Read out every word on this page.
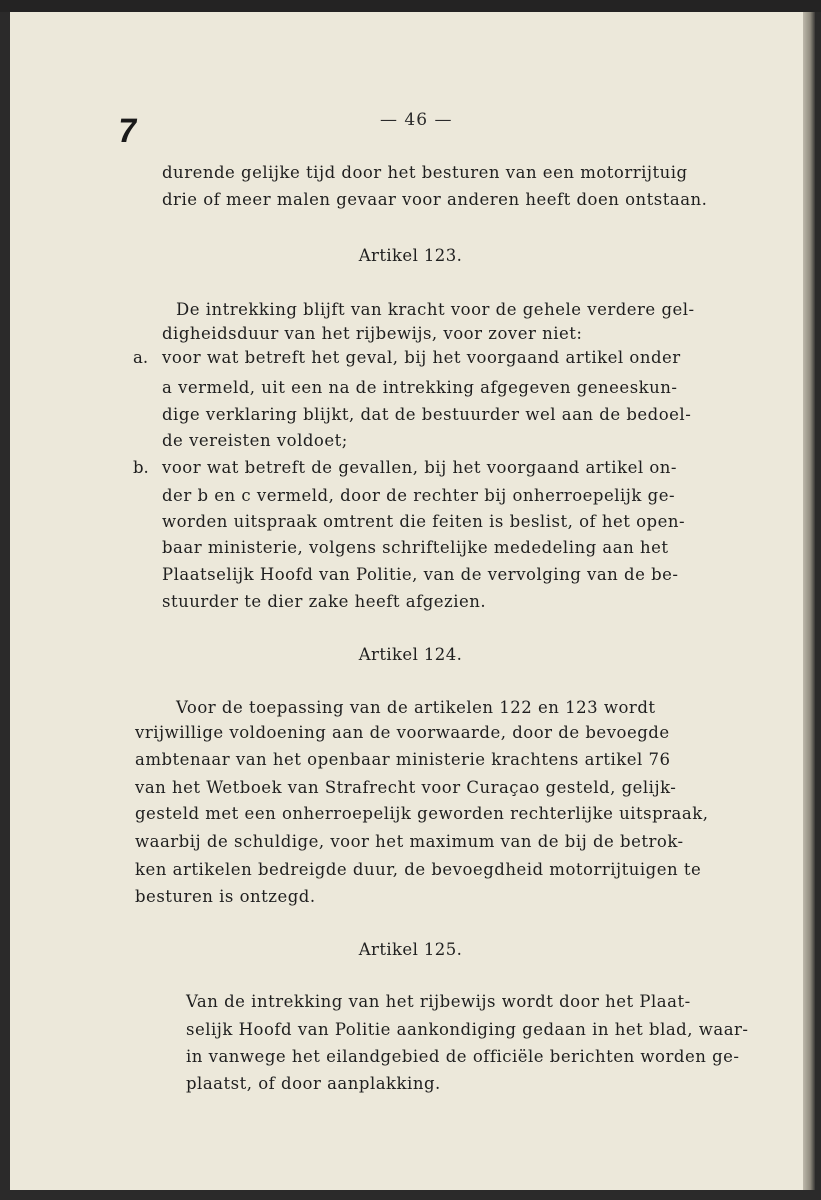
7	— 46 —
durende gelijke tijd door het besturen van een motorrijtuig
drie of meer malen gevaar voor anderen heeft doen ontstaan.
Artikel 123.
De intrekking blijft van kracht voor de gehele verdere gel-
digheidsduur van het rijbewijs, voor zover niet:
a. voor wat betreft het geval, bij het voorgaand artikel onder
a vermeld, uit een na de intrekking afgegeven geneeskun-
dige verklaring blijkt, dat de bestuurder wel aan de bedoel-
de vereisten voldoet;
b. voor wat betreft de gevallen, bij het voorgaand artikel on-
der b en c vermeld, door de rechter bij onherroepelijk ge-
worden uitspraak omtrent die feiten is beslist, of het open-
baar ministerie, volgens schriftelijke mededeling aan het
Plaatselijk Hoofd van Politie, van de vervolging van de be-
stuurder te dier zake heeft afgezien.
Artikel 124.
Voor de toepassing van de artikelen 122 en 123 wordt
vrijwillige voldoening aan de voorwaarde, door de bevoegde
ambtenaar van het openbaar ministerie krachtens artikel 76
van het Wetboek van Strafrecht voor Curaçao gesteld, gelijk-
gesteld met een onherroepelijk geworden rechterlijke uitspraak,
waarbij de schuldige, voor het maximum van de bij de betrok-
ken artikelen bedreigde duur, de bevoegdheid motorrijtuigen te
besturen is ontzegd.
Artikel 125.
Van de intrekking van het rijbewijs wordt door het Plaat-
selijk Hoofd van Politie aankondiging gedaan in het blad, waar-
in vanwege het eilandgebied de officiële berichten worden ge-
plaatst, of door aanplakking.
